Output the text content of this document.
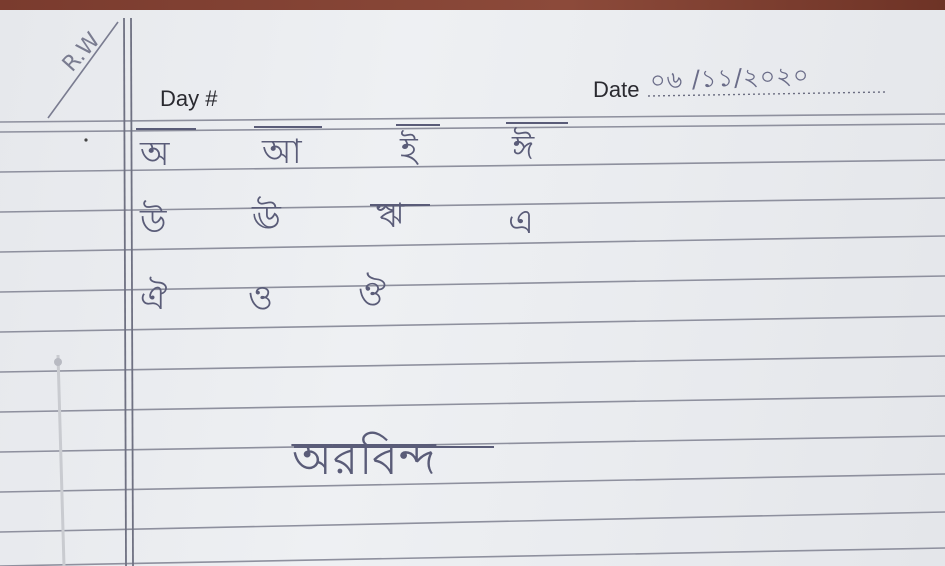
R.W
Day #	Date ০৬ /১১/২০২০
অ	আ	ই	ঈ
উ	ঊ	ঋ	এ
ঐ ও ঔ
অরবিন্দ
